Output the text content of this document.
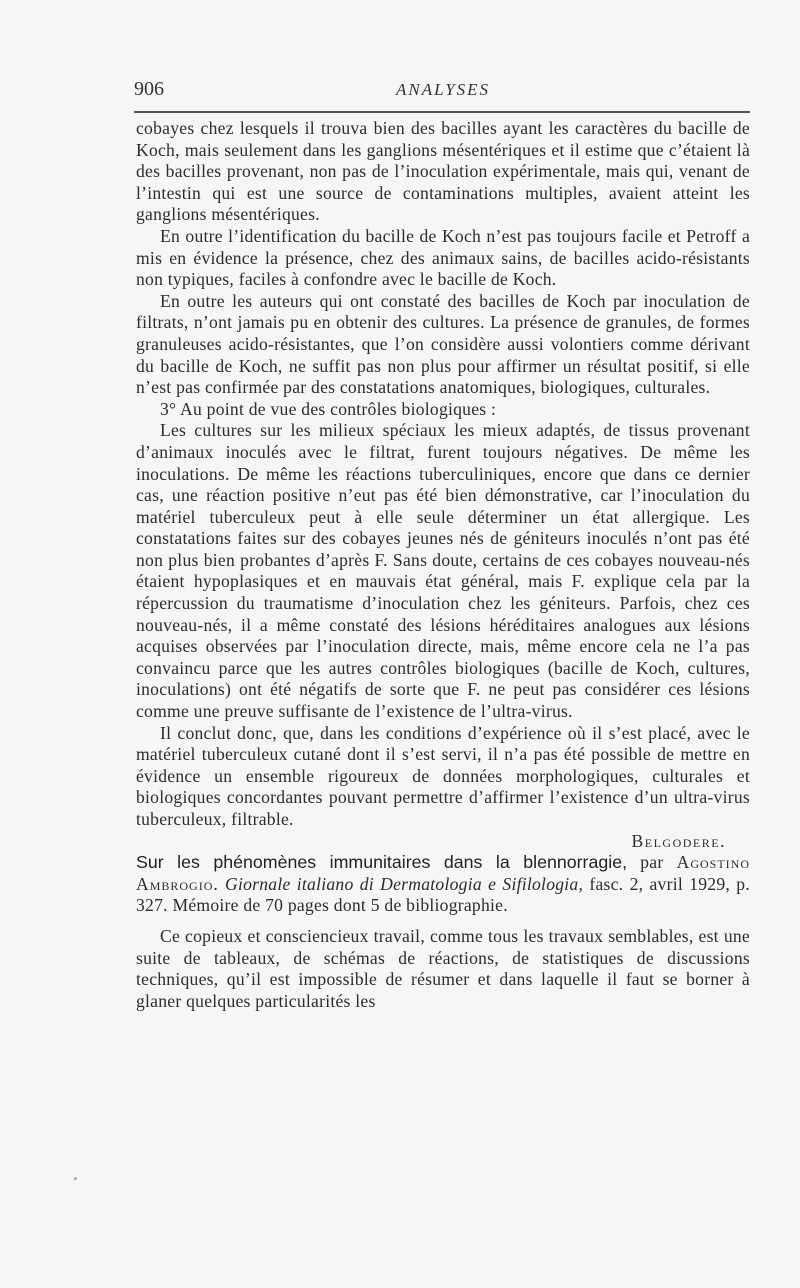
906	ANALYSES

cobayes chez lesquels il trouva bien des bacilles ayant les caractères du bacille de Koch, mais seulement dans les ganglions mésentériques et il estime que c’étaient là des bacilles provenant, non pas de l’inoculation expérimentale, mais qui, venant de l’intestin qui est une source de contaminations multiples, avaient atteint les ganglions mésentériques.

En outre l’identification du bacille de Koch n’est pas toujours facile et Petroff a mis en évidence la présence, chez des animaux sains, de bacilles acido-résistants non typiques, faciles à confondre avec le bacille de Koch.

En outre les auteurs qui ont constaté des bacilles de Koch par inoculation de filtrats, n’ont jamais pu en obtenir des cultures. La présence de granules, de formes granuleuses acido-résistantes, que l’on considère aussi volontiers comme dérivant du bacille de Koch, ne suffit pas non plus pour affirmer un résultat positif, si elle n’est pas confirmée par des constatations anatomiques, biologiques, culturales.

3° Au point de vue des contrôles biologiques :

Les cultures sur les milieux spéciaux les mieux adaptés, de tissus provenant d’animaux inoculés avec le filtrat, furent toujours négatives. De même les inoculations. De même les réactions tuberculiniques, encore que dans ce dernier cas, une réaction positive n’eut pas été bien démonstrative, car l’inoculation du matériel tuberculeux peut à elle seule déterminer un état allergique. Les constatations faites sur des cobayes jeunes nés de géniteurs inoculés n’ont pas été non plus bien probantes d’après F. Sans doute, certains de ces cobayes nouveau-nés étaient hypoplasiques et en mauvais état général, mais F. explique cela par la répercussion du traumatisme d’inoculation chez les géniteurs. Parfois, chez ces nouveau-nés, il a même constaté des lésions héréditaires analogues aux lésions acquises observées par l’inoculation directe, mais, même encore cela ne l’a pas convaincu parce que les autres contrôles biologiques (bacille de Koch, cultures, inoculations) ont été négatifs de sorte que F. ne peut pas considérer ces lésions comme une preuve suffisante de l’existence de l’ultra-virus.

Il conclut donc, que, dans les conditions d’expérience où il s’est placé, avec le matériel tuberculeux cutané dont il s’est servi, il n’a pas été possible de mettre en évidence un ensemble rigoureux de données morphologiques, culturales et biologiques concordantes pouvant permettre d’affirmer l’existence d’un ultra-virus tuberculeux, filtrable.

Belgodere.

Sur les phénomènes immunitaires dans la blennorragie, par Agostino Ambrogio. Giornale italiano di Dermatologia e Sifilologia, fasc. 2, avril 1929, p. 327. Mémoire de 70 pages dont 5 de bibliographie.

Ce copieux et consciencieux travail, comme tous les travaux semblables, est une suite de tableaux, de schémas de réactions, de statistiques de discussions techniques, qu’il est impossible de résumer et dans laquelle il faut se borner à glaner quelques particularités les
